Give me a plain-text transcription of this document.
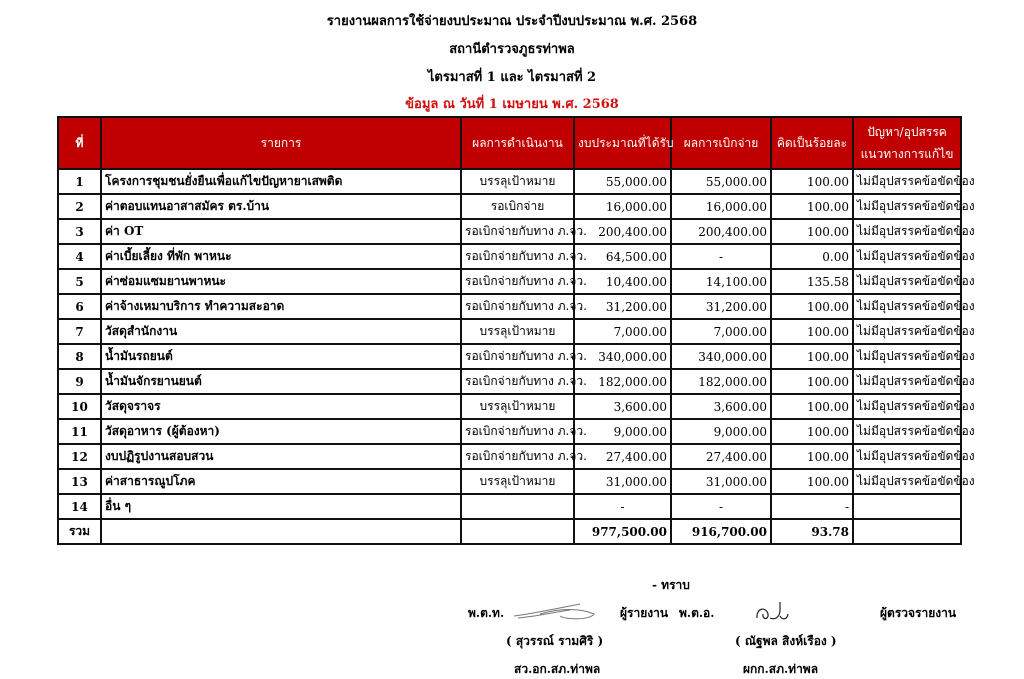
รายงานผลการใช้จ่ายงบประมาณ ประจำปีงบประมาณ พ.ศ. 2568
สถานีตำรวจภูธรท่าพล
ไตรมาสที่ 1 และ ไตรมาสที่ 2
ข้อมูล ณ วันที่ 1 เมษายน พ.ศ. 2568
ที่	รายการ	ผลการดำเนินงาน	งบประมาณที่ได้รับ	ผลการเบิกจ่าย	คิดเป็นร้อยละ	ปัญหา/อุปสรรค
แนวทางการแก้ไข

1	โครงการชุมชนยั่งยืนเพื่อแก้ไขปัญหายาเสพติด	บรรลุเป้าหมาย	55,000.00	55,000.00	100.00	ไม่มีอุปสรรคข้อขัดข้อง
2	ค่าตอบแทนอาสาสมัคร ตร.บ้าน	รอเบิกจ่าย	16,000.00	16,000.00	100.00	ไม่มีอุปสรรคข้อขัดข้อง
3	ค่า OT	รอเบิกจ่ายกับทาง ภ.จว.	200,400.00	200,400.00	100.00	ไม่มีอุปสรรคข้อขัดข้อง
4	ค่าเบี้ยเลี้ยง ที่พัก พาหนะ	รอเบิกจ่ายกับทาง ภ.จว.	64,500.00	-	0.00	ไม่มีอุปสรรคข้อขัดข้อง
5	ค่าซ่อมแซมยานพาหนะ	รอเบิกจ่ายกับทาง ภ.จว.	10,400.00	14,100.00	135.58	ไม่มีอุปสรรคข้อขัดข้อง
6	ค่าจ้างเหมาบริการ ทำความสะอาด	รอเบิกจ่ายกับทาง ภ.จว.	31,200.00	31,200.00	100.00	ไม่มีอุปสรรคข้อขัดข้อง
7	วัสดุสำนักงาน	บรรลุเป้าหมาย	7,000.00	7,000.00	100.00	ไม่มีอุปสรรคข้อขัดข้อง
8	น้ำมันรถยนต์	รอเบิกจ่ายกับทาง ภ.จว.	340,000.00	340,000.00	100.00	ไม่มีอุปสรรคข้อขัดข้อง
9	น้ำมันจักรยานยนต์	รอเบิกจ่ายกับทาง ภ.จว.	182,000.00	182,000.00	100.00	ไม่มีอุปสรรคข้อขัดข้อง
10	วัสดุจราจร	บรรลุเป้าหมาย	3,600.00	3,600.00	100.00	ไม่มีอุปสรรคข้อขัดข้อง
11	วัสดุอาหาร (ผู้ต้องหา)	รอเบิกจ่ายกับทาง ภ.จว.	9,000.00	9,000.00	100.00	ไม่มีอุปสรรคข้อขัดข้อง
12	งบปฏิรูปงานสอบสวน	รอเบิกจ่ายกับทาง ภ.จว.	27,400.00	27,400.00	100.00	ไม่มีอุปสรรคข้อขัดข้อง
13	ค่าสาธารณูปโภค	บรรลุเป้าหมาย	31,000.00	31,000.00	100.00	ไม่มีอุปสรรคข้อขัดข้อง
14	อื่น ๆ		-	-	-	
รวม			977,500.00	916,700.00	93.78	
- ทราบ
พ.ต.ท.	ผู้รายงาน
( สุวรรณ์ รามศิริ )
สว.อก.สภ.ท่าพล
พ.ต.อ.	ผู้ตรวจรายงาน
( ณัฐพล สิงห์เรือง )
ผกก.สภ.ท่าพล
